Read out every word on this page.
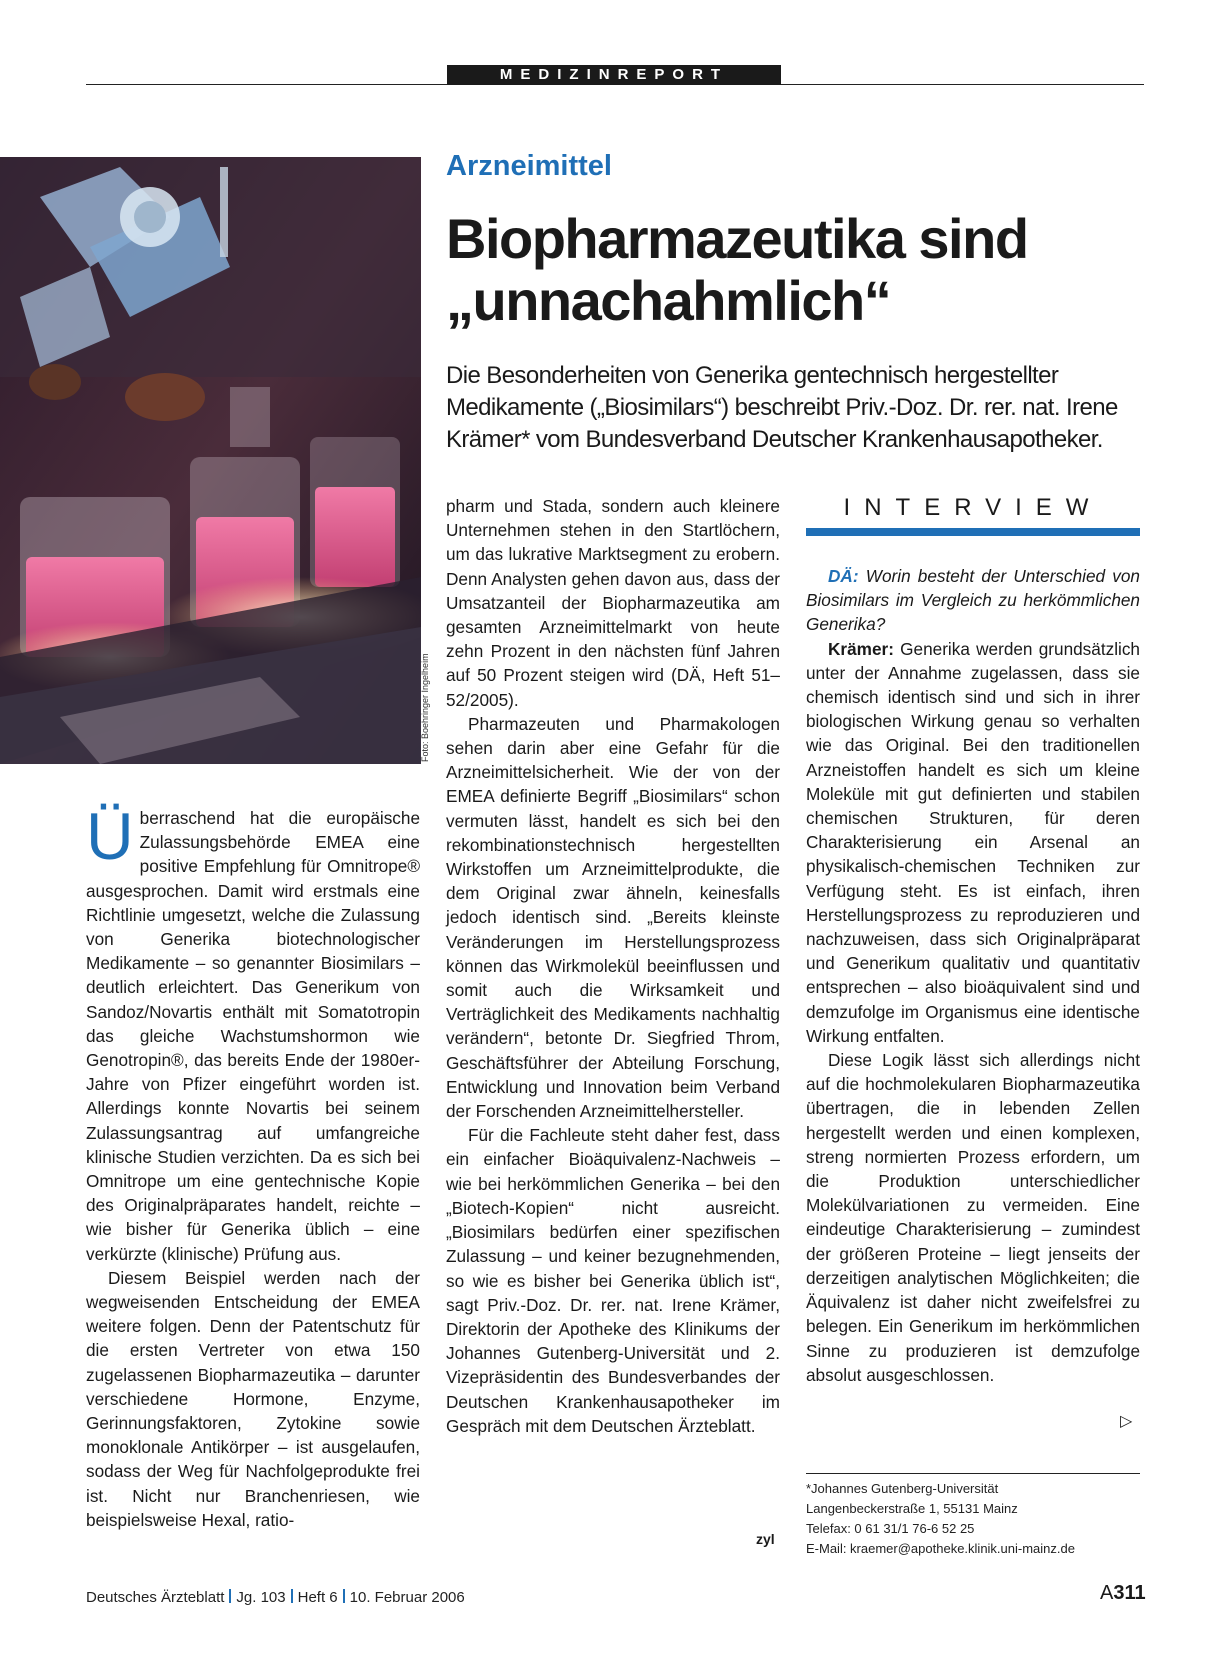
MEDIZINREPORT
Foto: Boehringer Ingelheim
Arzneimittel
Biopharmazeutika sind
„unnachahmlich“
Die Besonderheiten von Generika gentechnisch hergestellter Medikamente („Biosimilars“) beschreibt Priv.-Doz. Dr. rer. nat. Irene Krämer* vom Bundesverband Deutscher Krankenhausapotheker.

Überraschend hat die europäische Zulassungsbehörde EMEA eine positive Empfehlung für Omnitrope® ausgesprochen. Damit wird erstmals eine Richtlinie umgesetzt, welche die Zulassung von Generika biotechnologischer Medikamente – so genannter Biosimilars – deutlich erleichtert. Das Generikum von Sandoz/Novartis enthält mit Somatotropin das gleiche Wachstumshormon wie Genotropin®, das bereits Ende der 1980er-Jahre von Pfizer eingeführt worden ist. Allerdings konnte Novartis bei seinem Zulassungsantrag auf umfangreiche klinische Studien verzichten. Da es sich bei Omnitrope um eine gentechnische Kopie des Originalpräparates handelt, reichte – wie bisher für Generika üblich – eine verkürzte (klinische) Prüfung aus.

Diesem Beispiel werden nach der wegweisenden Entscheidung der EMEA weitere folgen. Denn der Patentschutz für die ersten Vertreter von etwa 150 zugelassenen Biopharmazeutika – darunter verschiedene Hormone, Enzyme, Gerinnungsfaktoren, Zytokine sowie monoklonale Antikörper – ist ausgelaufen, sodass der Weg für Nachfolgeprodukte frei ist. Nicht nur Branchenriesen, wie beispielsweise Hexal, ratio-

pharm und Stada, sondern auch kleinere Unternehmen stehen in den Startlöchern, um das lukrative Marktsegment zu erobern. Denn Analysten gehen davon aus, dass der Umsatzanteil der Biopharmazeutika am gesamten Arzneimittelmarkt von heute zehn Prozent in den nächsten fünf Jahren auf 50 Prozent steigen wird (DÄ, Heft 51–52/2005).

Pharmazeuten und Pharmakologen sehen darin aber eine Gefahr für die Arzneimittelsicherheit. Wie der von der EMEA definierte Begriff „Biosimilars“ schon vermuten lässt, handelt es sich bei den rekombinationstechnisch hergestellten Wirkstoffen um Arzneimittelprodukte, die dem Original zwar ähneln, keinesfalls jedoch identisch sind. „Bereits kleinste Veränderungen im Herstellungsprozess können das Wirkmolekül beeinflussen und somit auch die Wirksamkeit und Verträglichkeit des Medikaments nachhaltig verändern“, betonte Dr. Siegfried Throm, Geschäftsführer der Abteilung Forschung, Entwicklung und Innovation beim Verband der Forschenden Arzneimittelhersteller.

Für die Fachleute steht daher fest, dass ein einfacher Bioäquivalenz-Nachweis – wie bei herkömmlichen Generika – bei den „Biotech-Kopien“ nicht ausreicht. „Biosimilars bedürfen einer spezifischen Zulassung – und keiner bezugnehmenden, so wie es bisher bei Generika üblich ist“, sagt Priv.-Doz. Dr. rer. nat. Irene Krämer, Direktorin der Apotheke des Klinikums der Johannes Gutenberg-Universität und 2. Vizepräsidentin des Bundesverbandes der Deutschen Krankenhausapotheker im Gespräch mit dem Deutschen Ärzteblatt.

zyl
INTERVIEW

DÄ: Worin besteht der Unterschied von Biosimilars im Vergleich zu herkömmlichen Generika?

Krämer: Generika werden grundsätzlich unter der Annahme zugelassen, dass sie chemisch identisch sind und sich in ihrer biologischen Wirkung genau so verhalten wie das Original. Bei den traditionellen Arzneistoffen handelt es sich um kleine Moleküle mit gut definierten und stabilen chemischen Strukturen, für deren Charakterisierung ein Arsenal an physikalisch-chemischen Techniken zur Verfügung steht. Es ist einfach, ihren Herstellungsprozess zu reproduzieren und nachzuweisen, dass sich Originalpräparat und Generikum qualitativ und quantitativ entsprechen – also bioäquivalent sind und demzufolge im Organismus eine identische Wirkung entfalten.

Diese Logik lässt sich allerdings nicht auf die hochmolekularen Biopharmazeutika übertragen, die in lebenden Zellen hergestellt werden und einen komplexen, streng normierten Prozess erfordern, um die Produktion unterschiedlicher Molekülvariationen zu vermeiden. Eine eindeutige Charakterisierung – zumindest der größeren Proteine – liegt jenseits der derzeitigen analytischen Möglichkeiten; die Äquivalenz ist daher nicht zweifelsfrei zu belegen. Ein Generikum im herkömmlichen Sinne zu produzieren ist demzufolge absolut ausgeschlossen.

▷
*Johannes Gutenberg-Universität
Langenbeckerstraße 1, 55131 Mainz
Telefax: 0 61 31/1 76-6 52 25
E-Mail: kraemer@apotheke.klinik.uni-mainz.de
Deutsches Ärzteblatt Jg. 103 Heft 6 10. Februar 2006	A311
